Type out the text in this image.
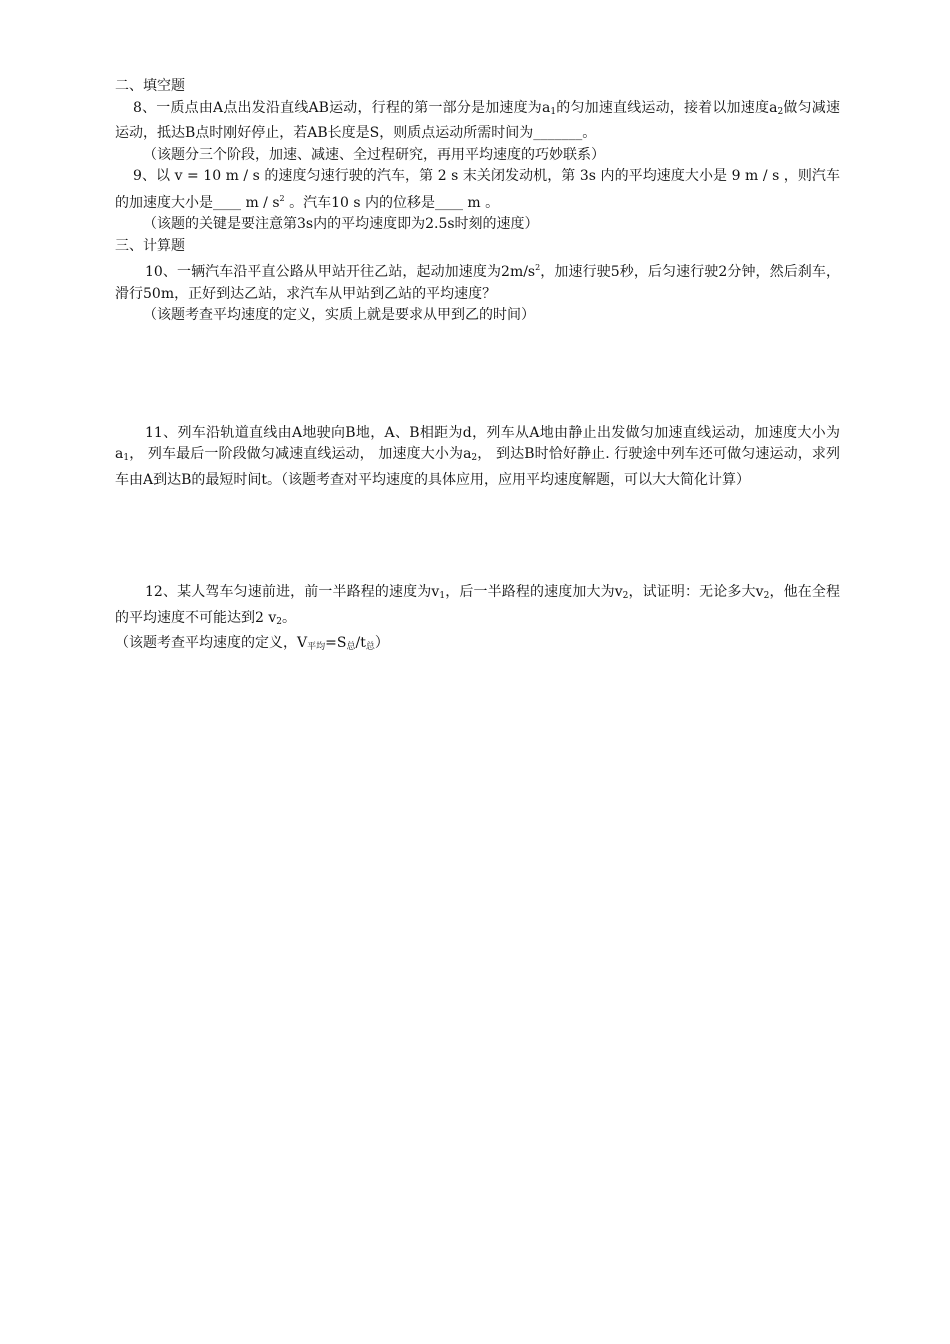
二、填空题

8、一质点由A点出发沿直线AB运动，行程的第一部分是加速度为$a_1$的匀加速直线运动，接着以加速度$a_2$做匀减速运动，抵达B点时刚好停止，若AB长度是S，则质点运动所需时间为_______。

（该题分三个阶段，加速、减速、全过程研究，再用平均速度的巧妙联系）

9、以 v = 10 m / s 的速度匀速行驶的汽车，第 2 s 末关闭发动机，第 3s 内的平均速度大小是 9 m / s ，则汽车的加速度大小是____ m / $s^2$ 。汽车10 s 内的位移是____ m 。

（该题的关键是要注意第3s内的平均速度即为2.5s时刻的速度）

三、计算题

10、一辆汽车沿平直公路从甲站开往乙站，起动加速度为$2m/s^2$，加速行驶5秒，后匀速行驶2分钟，然后刹车，滑行50m，正好到达乙站，求汽车从甲站到乙站的平均速度？

（该题考查平均速度的定义，实质上就是要求从甲到乙的时间）

11、列车沿轨道直线由A地驶向B地，A、B相距为d，列车从A地由静止出发做匀加速直线运动，加速度大小为$a_1$， 列车最后一阶段做匀减速直线运动， 加速度大小为$a_2$， 到达B时恰好静止. 行驶途中列车还可做匀速运动，求列车由A到达B的最短时间t。（该题考查对平均速度的具体应用，应用平均速度解题，可以大大简化计算）

12、某人驾车匀速前进，前一半路程的速度为$v_1$，后一半路程的速度加大为$v_2$，试证明：无论多大$v_2$，他在全程的平均速度不可能达到2 $v_2$。

（该题考查平均速度的定义，$V_{平均}=S_总/t_总$）
